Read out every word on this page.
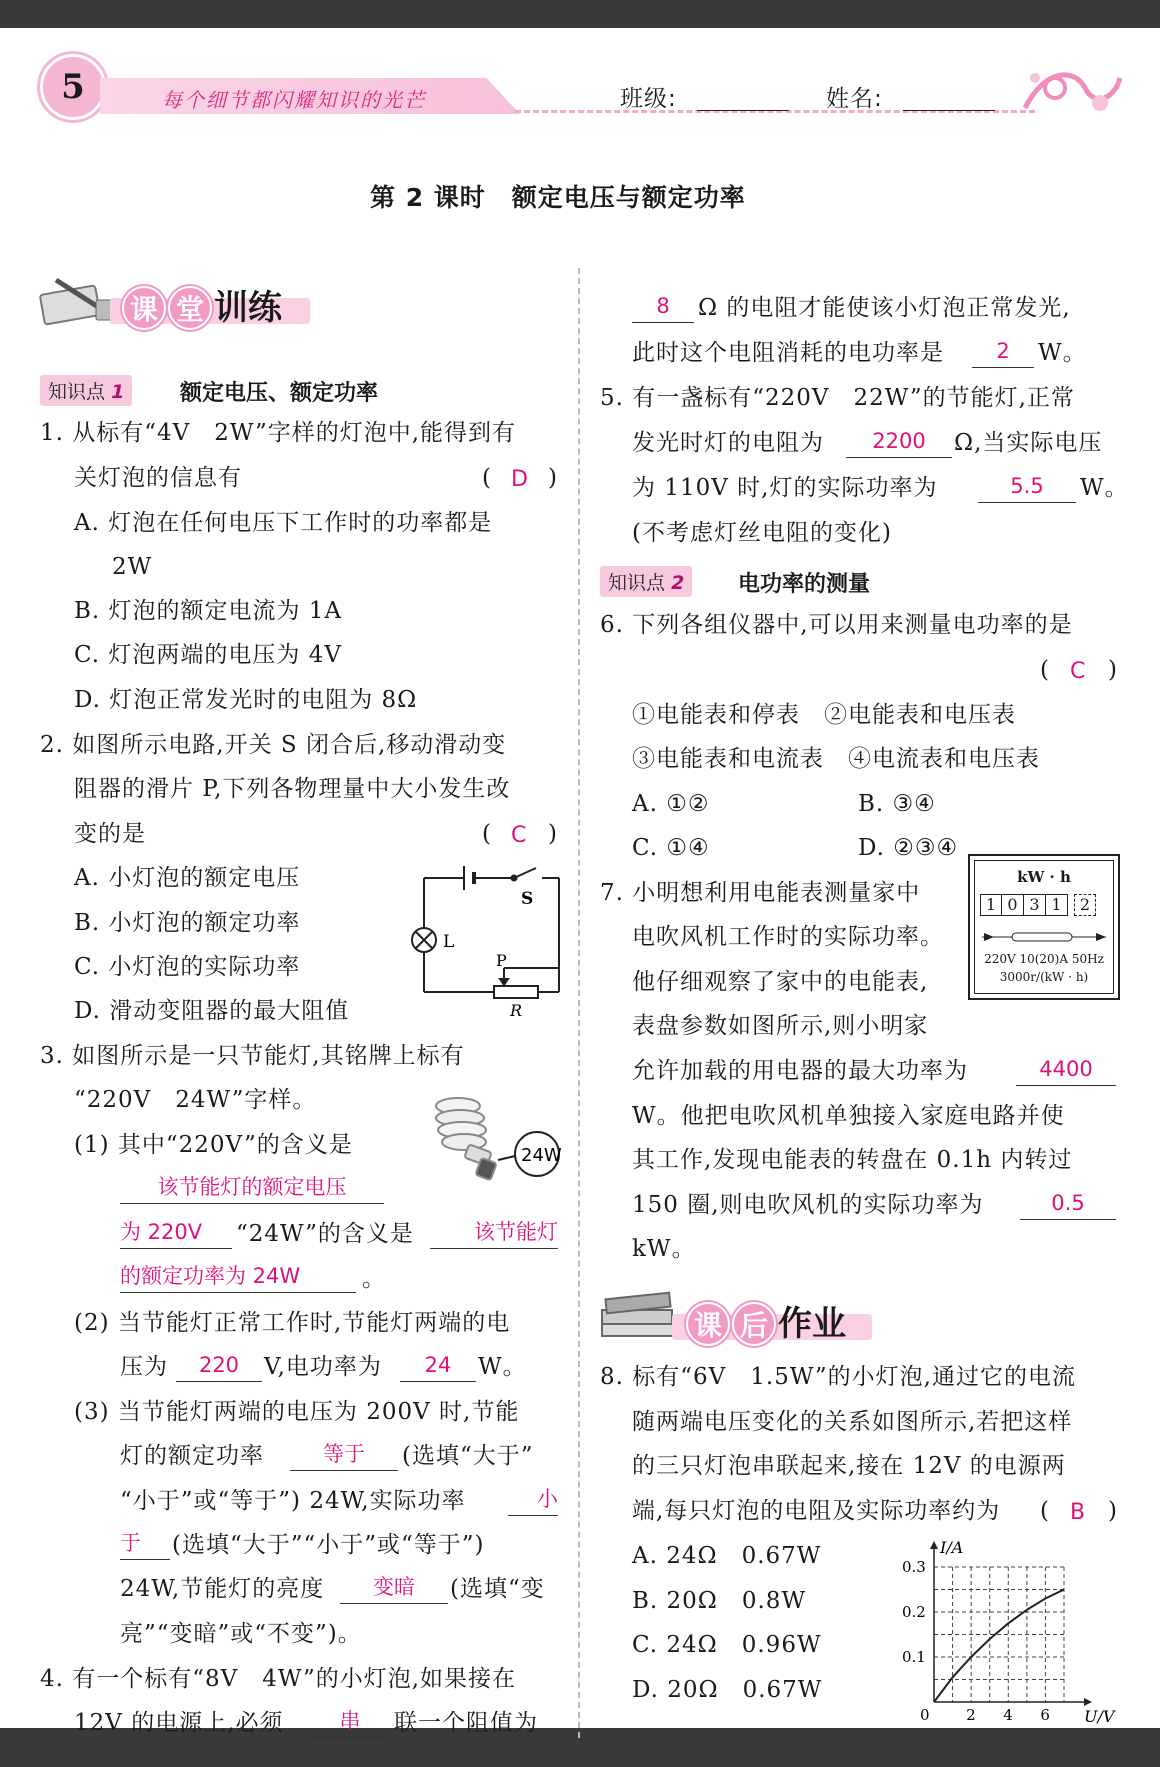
5	每个细节都闪耀知识的光芒	班级:	姓名:
第 2 课时　额定电压与额定功率
课 堂 训练
知识点 1	额定电压、额定功率
1. 从标有“4V　2W”字样的灯泡中,能得到有
关灯泡的信息有	( D )
A. 灯泡在任何电压下工作时的功率都是
2W
B. 灯泡的额定电流为 1A
C. 灯泡两端的电压为 4V
D. 灯泡正常发光时的电阻为 8Ω
2. 如图所示电路,开关 S 闭合后,移动滑动变
阻器的滑片 P,下列各物理量中大小发生改
变的是	( C )
A. 小灯泡的额定电压
B. 小灯泡的额定功率
C. 小灯泡的实际功率
D. 滑动变阻器的最大阻值
S
L
P
R
3. 如图所示是一只节能灯,其铭牌上标有
“220V　24W”字样。
(1) 其中“220V”的含义是	24W
该节能灯的额定电压
为 220V	“24W”的含义是	该节能灯
的额定功率为 24W	。
(2) 当节能灯正常工作时,节能灯两端的电
压为	220	V,电功率为	24	W。
(3) 当节能灯两端的电压为 200V 时,节能
灯的额定功率	等于	(选填“大于”
“小于”或“等于”) 24W,实际功率	小
于	(选填“大于”“小于”或“等于”)
24W,节能灯的亮度	变暗	(选填“变
亮”“变暗”或“不变”)。
4. 有一个标有“8V　4W”的小灯泡,如果接在
12V 的电源上,必须	串	联一个阻值为
8	Ω 的电阻才能使该小灯泡正常发光,
此时这个电阻消耗的电功率是	2	W。
5. 有一盏标有“220V　22W”的节能灯,正常
发光时灯的电阻为	2200	Ω,当实际电压
为 110V 时,灯的实际功率为	5.5	W。
(不考虑灯丝电阻的变化)
知识点 2	电功率的测量
6. 下列各组仪器中,可以用来测量电功率的是
( C )
①电能表和停表　②电能表和电压表
③电能表和电流表　④电流表和电压表
A. ①②	B. ③④
C. ①④	D. ②③④
7. 小明想利用电能表测量家中
电吹风机工作时的实际功率。
他仔细观察了家中的电能表,
表盘参数如图所示,则小明家
kW · h
1 0 3 1	2
220V 10(20)A 50Hz
3000r/(kW · h)
允许加载的用电器的最大功率为	4400
W。他把电吹风机单独接入家庭电路并使
其工作,发现电能表的转盘在 0.1h 内转过
150 圈,则电吹风机的实际功率为	0.5
kW。
课 后 作业
8. 标有“6V　1.5W”的小灯泡,通过它的电流
随两端电压变化的关系如图所示,若把这样
的三只灯泡串联起来,接在 12V 的电源两
端,每只灯泡的电阻及实际功率约为 ( B )
A. 24Ω　0.67W
B. 20Ω　0.8W
C. 24Ω　0.96W
D. 20Ω　0.67W
0 2 4 6
0.1
0.2
0.3
U/V
I/A
